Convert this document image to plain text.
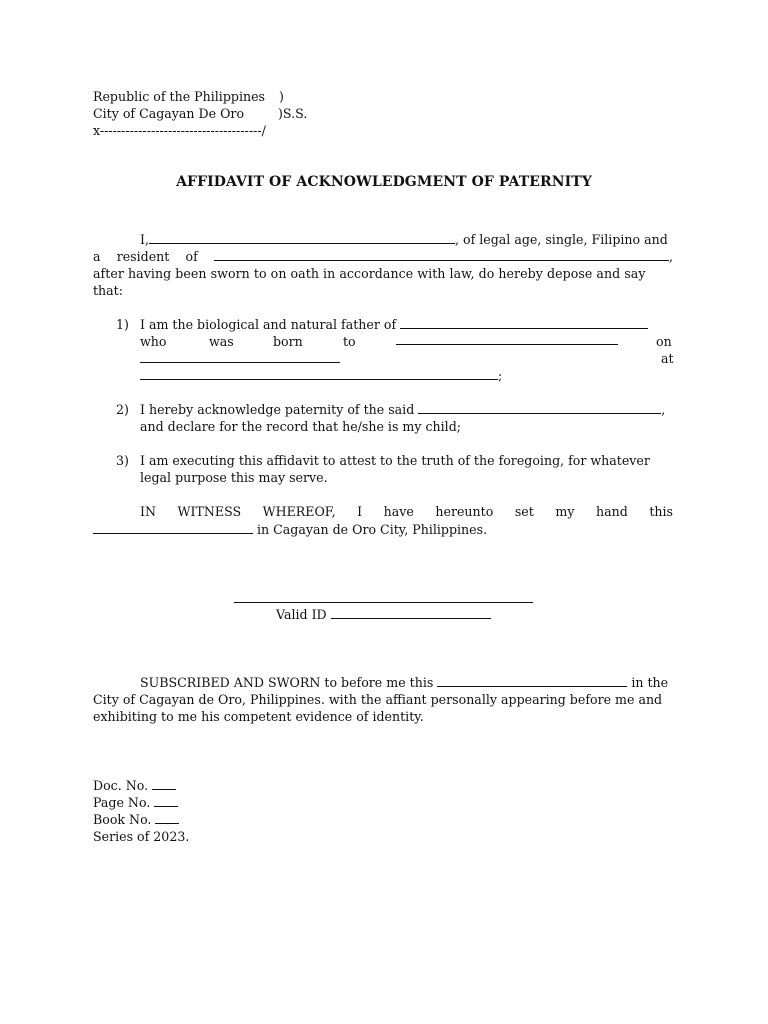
Republic of the Philippines )
City of Cagayan De Oro	)S.S.
x--------------------------------------/
AFFIDAVIT OF ACKNOWLEDGMENT OF PATERNITY
I,	, of legal age, single, Filipino and
a resident of	,
after having been sworn to on oath in accordance with law, do hereby depose and say
that:
1) I am the biological and natural father of
who	was	born	to	on
at
;
2) I hereby acknowledge paternity of the said	,
and declare for the record that he/she is my child;
3) I am executing this affidavit to attest to the truth of the foregoing, for whatever
legal purpose this may serve.
IN WITNESS WHEREOF, I have hereunto set my hand this
in Cagayan de Oro City, Philippines.
Valid ID
SUBSCRIBED AND SWORN to before me this	in the
City of Cagayan de Oro, Philippines. with the affiant personally appearing before me and
exhibiting to me his competent evidence of identity.
Doc. No.
Page No.
Book No.
Series of 2023.
